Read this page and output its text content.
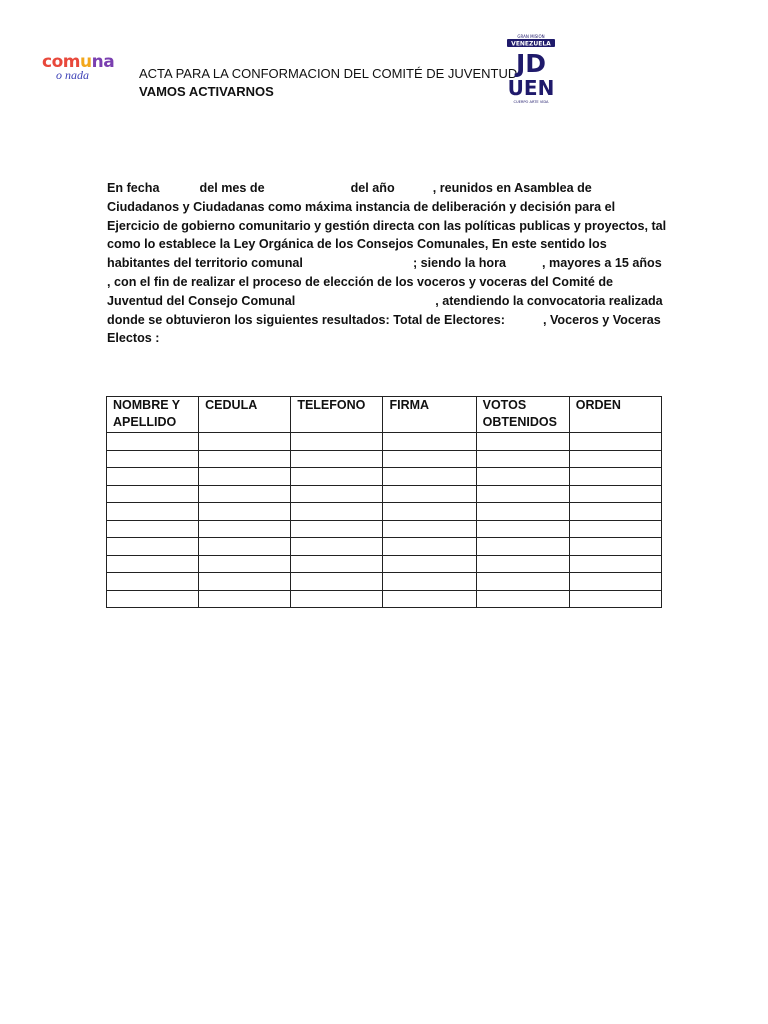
comuna
o nada	ACTA PARA LA CONFORMACION DEL COMITÉ DE JUVENTUD
VAMOS ACTIVARNOS
GRAN MISIÓN
VENEZUELA
JD
UEN
CUERPO ARTE VIDA
En fecha	del mes de	del año	, reunidos en Asamblea de Ciudadanos y Ciudadanas como máxima instancia de deliberación y decisión para el Ejercicio de gobierno comunitario y gestión directa con las políticas publicas y proyectos, tal como lo establece la Ley Orgánica de los Consejos Comunales, En este sentido los habitantes del territorio comunal	; siendo la hora	, mayores a 15 años , con el fin de realizar el proceso de elección de los voceros y voceras del Comité de Juventud del Consejo Comunal	, atendiendo la convocatoria realizada donde se obtuvieron los siguientes resultados: Total de Electores:	, Voceros y Voceras Electos :
NOMBRE Y APELLIDO	CEDULA	TELEFONO	FIRMA	VOTOS OBTENIDOS	ORDEN
